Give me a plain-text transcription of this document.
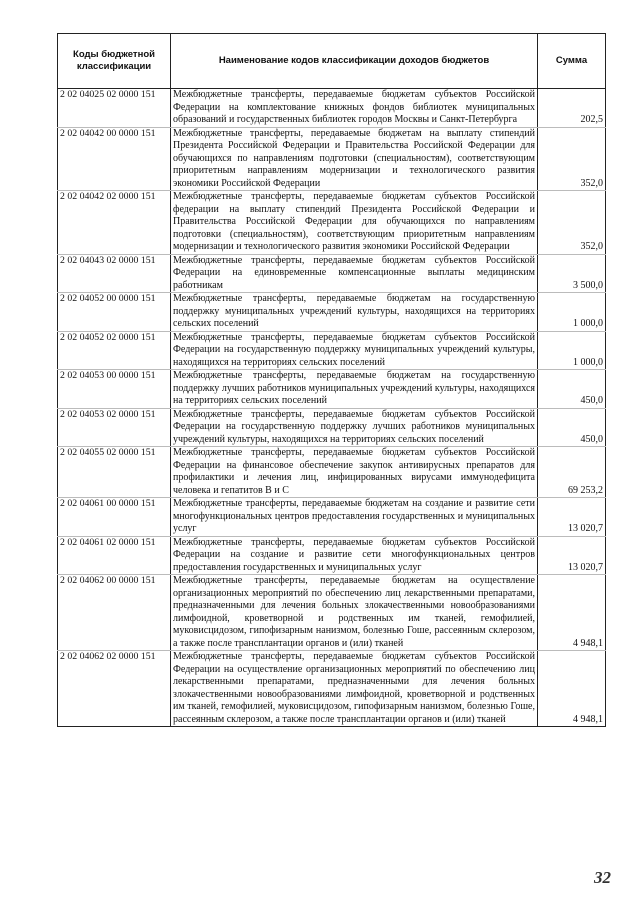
Коды бюджетной классификации	Наименование кодов классификации доходов бюджетов	Сумма
2 02 04025 02 0000 151	Межбюджетные трансферты, передаваемые бюджетам субъектов Российской Федерации на комплектование книжных фондов библиотек муниципальных образований и государственных библиотек городов Москвы и Санкт-Петербурга	202,5
2 02 04042 00 0000 151	Межбюджетные трансферты, передаваемые бюджетам на выплату стипендий Президента Российской Федерации и Правительства Российской Федерации для обучающихся по направлениям подготовки (специальностям), соответствующим приоритетным направлениям модернизации и технологического развития экономики Российской Федерации	352,0
2 02 04042 02 0000 151	Межбюджетные трансферты, передаваемые бюджетам субъектов Российской федерации на выплату стипендий Президента Российской Федерации и Правительства Российской Федерации для обучающихся по направлениям подготовки (специальностям), соответствующим приоритетным направлениям модернизации и технологического развития экономики Российской Федерации	352,0
2 02 04043 02 0000 151	Межбюджетные трансферты, передаваемые бюджетам субъектов Российской Федерации на единовременные компенсационные выплаты медицинским работникам	3 500,0
2 02 04052 00 0000 151	Межбюджетные трансферты, передаваемые бюджетам на государственную поддержку муниципальных учреждений культуры, находящихся на территориях сельских поселений	1 000,0
2 02 04052 02 0000 151	Межбюджетные трансферты, передаваемые бюджетам субъектов Российской Федерации на государственную поддержку муниципальных учреждений культуры, находящихся на территориях сельских поселений	1 000,0
2 02 04053 00 0000 151	Межбюджетные трансферты, передаваемые бюджетам на государственную поддержку лучших работников муниципальных учреждений культуры, находящихся на территориях сельских поселений	450,0
2 02 04053 02 0000 151	Межбюджетные трансферты, передаваемые бюджетам субъектов Российской Федерации на государственную поддержку лучших работников муниципальных учреждений культуры, находящихся на территориях сельских поселений	450,0
2 02 04055 02 0000 151	Межбюджетные трансферты, передаваемые бюджетам субъектов Российской Федерации на финансовое обеспечение закупок антивирусных препаратов для профилактики и лечения лиц, инфицированных вирусами иммунодефицита человека и гепатитов В и С	69 253,2
2 02 04061 00 0000 151	Межбюджетные трансферты, передаваемые бюджетам на создание и развитие сети многофункциональных центров предоставления государственных и муниципальных услуг	13 020,7
2 02 04061 02 0000 151	Межбюджетные трансферты, передаваемые бюджетам субъектов Российской Федерации на создание и развитие сети многофункциональных центров предоставления государственных и муниципальных услуг	13 020,7
2 02 04062 00 0000 151	Межбюджетные трансферты, передаваемые бюджетам на осуществление организационных мероприятий по обеспечению лиц лекарственными препаратами, предназначенными для лечения больных злокачественными новообразованиями лимфоидной, кроветворной и родственных им тканей, гемофилией, муковисцидозом, гипофизарным нанизмом, болезнью Гоше, рассеянным склерозом, а также после трансплантации органов и (или) тканей	4 948,1
2 02 04062 02 0000 151	Межбюджетные трансферты, передаваемые бюджетам субъектов Российской Федерации на осуществление организационных мероприятий по обеспечению лиц лекарственными препаратами, предназначенными для лечения больных злокачественными новообразованиями лимфоидной, кроветворной и родственных им тканей, гемофилией, муковисцидозом, гипофизарным нанизмом, болезнью Гоше, рассеянным склерозом, а также после трансплантации органов и (или) тканей	4 948,1
32
